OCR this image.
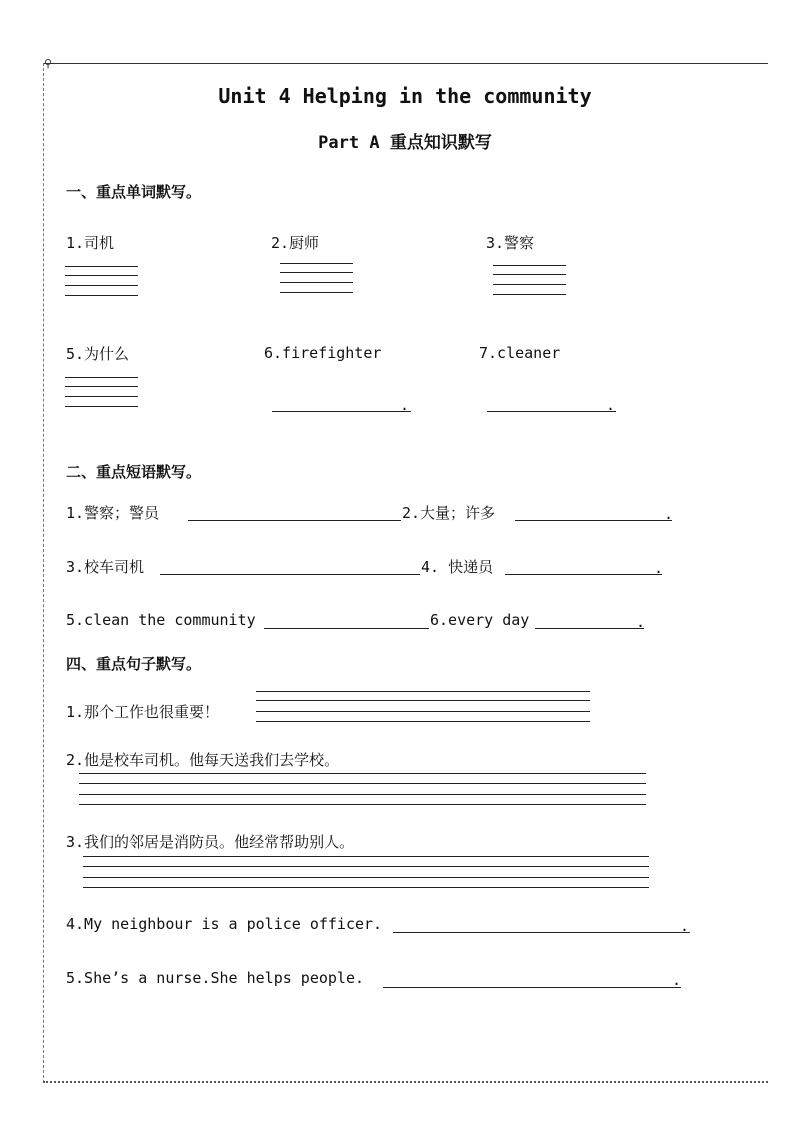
⚲
Unit 4 Helping in the community
Part A 重点知识默写
一、重点单词默写。
1.司机	2.厨师	3.警察
5.为什么	6.firefighter	7.cleaner
.	.
二、重点短语默写。
1.警察；警员	2.大量；许多	.
3.校车司机	4. 快递员	.
5.clean the community	6.every day	.
四、重点句子默写。
1.那个工作也很重要！
2.他是校车司机。他每天送我们去学校。
3.我们的邻居是消防员。他经常帮助别人。
4.My neighbour is a police officer.	.
5.She’s a nurse.She helps people.	.
